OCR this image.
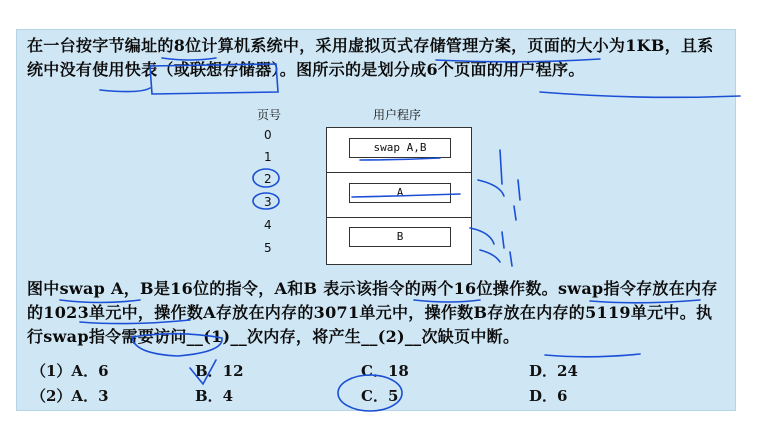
在一台按字节编址的8位计算机系统中，采用虚拟页式存储管理方案，页面的大小为1KB，且系统中没有使用快表（或联想存储器）。图所示的是划分成6个页面的用户程序。
页号	用户程序
0
1
2
3
4
5
swap A,B
A
B
图中swap A，B是16位的指令，A和B 表示该指令的两个16位操作数。swap指令存放在内存的1023单元中，操作数A存放在内存的3071单元中，操作数B存放在内存的5119单元中。执行swap指令需要访问__(1)__次内存，将产生__(2)__次缺页中断。
（1）A．6	B．12	C．18	D．24
（2）A．3	B．4	C．5	D．6
